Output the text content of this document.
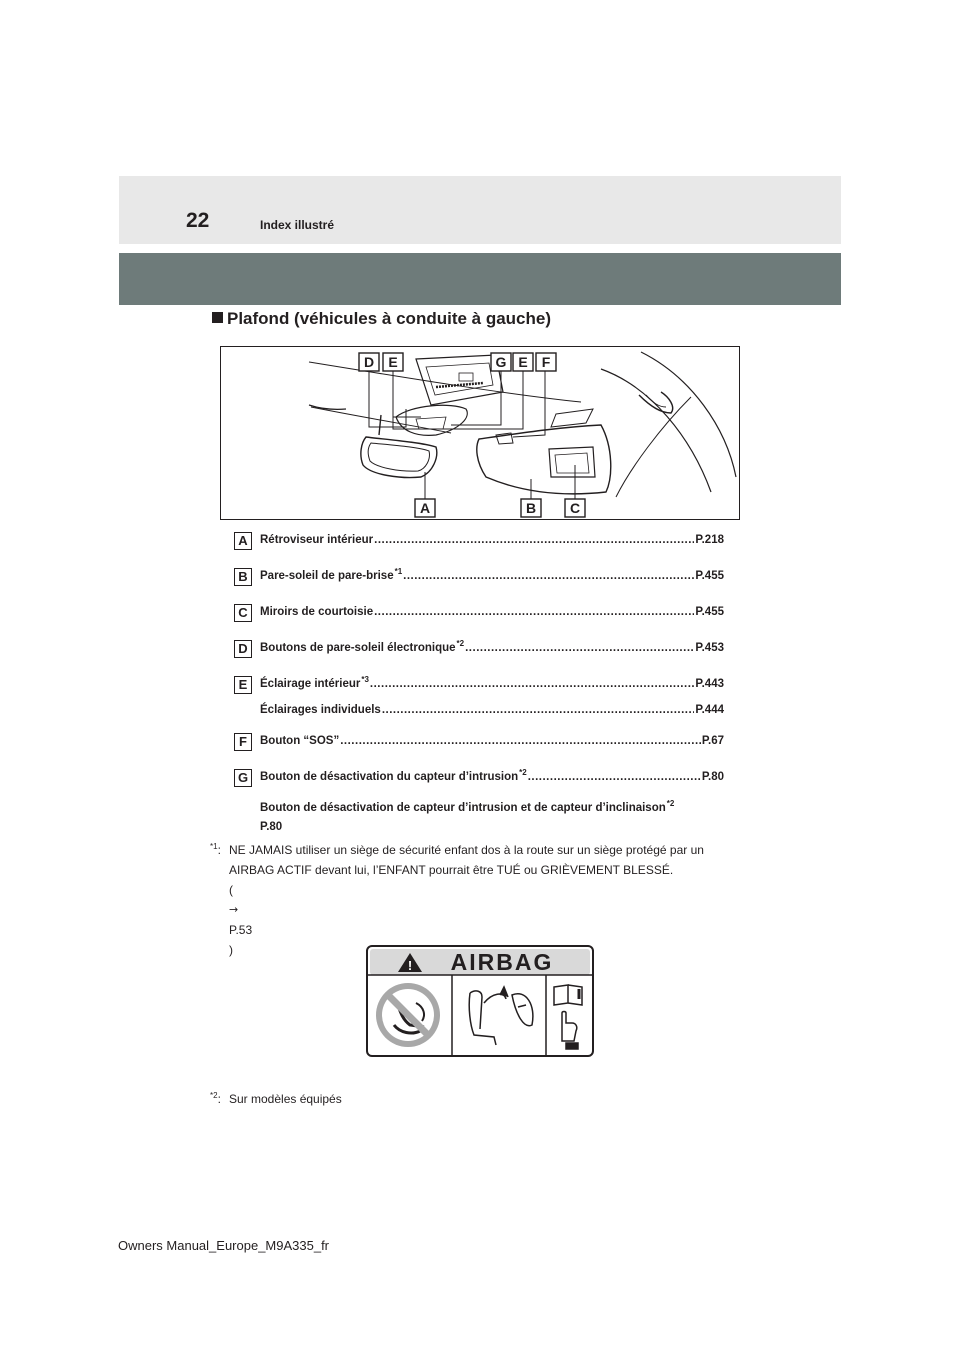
22	Index illustré
Plafond (véhicules à conduite à gauche)
D E	G E F
A	B C
A	Rétroviseur intérieur .....	P.218
B	Pare-soleil de pare-brise$^{*1}$ .....	P.455
C	Miroirs de courtoisie .....	P.455
D	Boutons de pare-soleil électronique$^{*2}$ .....	P.453
E	Éclairage intérieur$^{*3}$ .....	P.443
Éclairages individuels .....	P.444
F	Bouton “SOS” .....	P.67
G	Bouton de désactivation du capteur d’intrusion$^{*2}$ .....	P.80
Bouton de désactivation de capteur d’intrusion et de capteur d’inclinaison$^{*2}$
P.80
$^{*1}$: NE JAMAIS utiliser un siège de sécurité enfant dos à la route sur un siège protégé par un
AIRBAG ACTIF devant lui, l’ENFANT pourrait être TUÉ ou GRIÈVEMENT BLESSÉ.
(
→
P.53
)
! AIRBAG
$^{*2}$: Sur modèles équipés
Owners Manual_Europe_M9A335_fr
